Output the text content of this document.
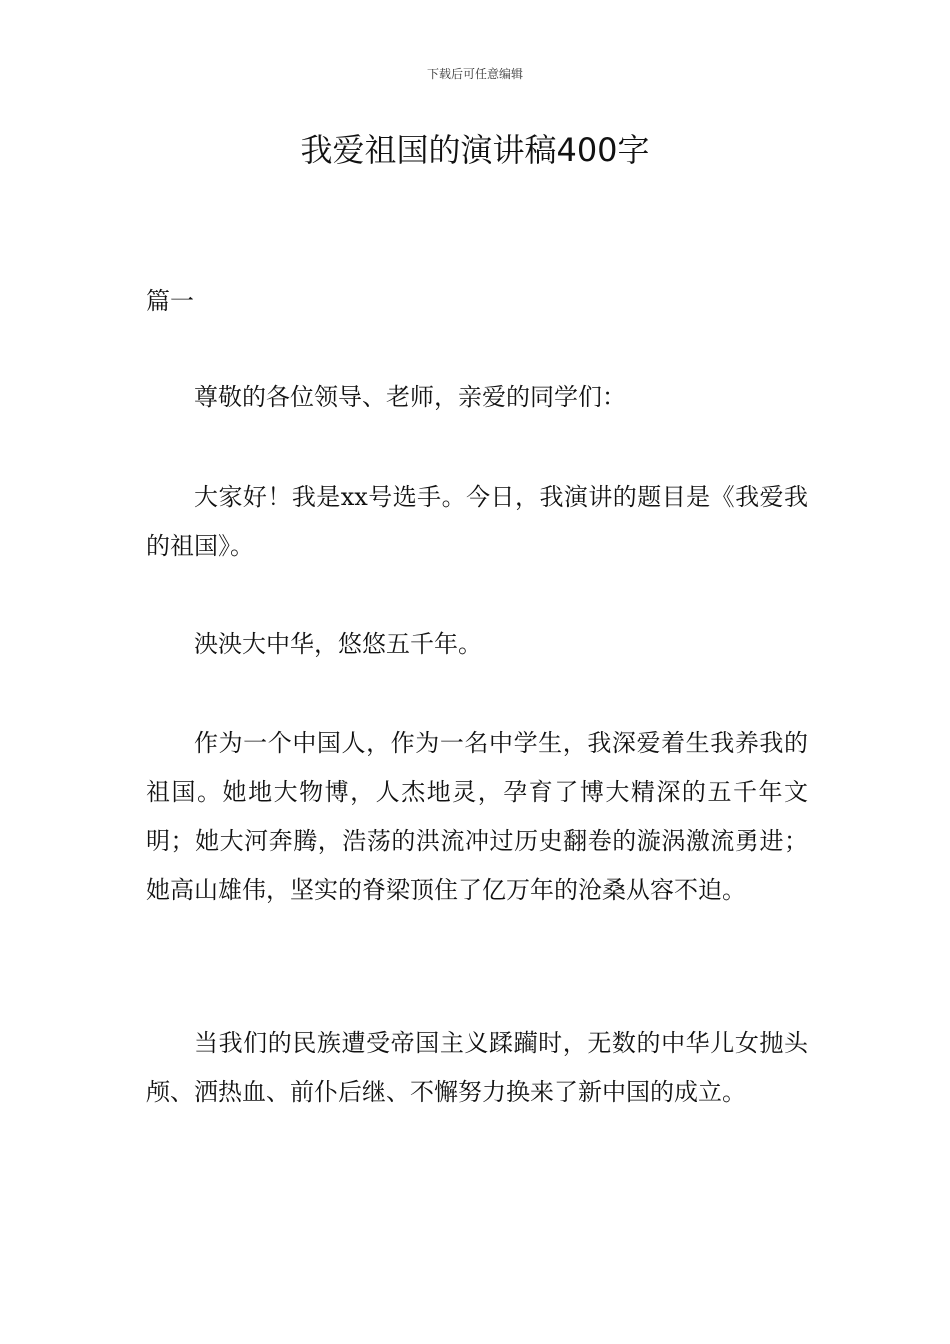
下载后可任意编辑
我爱祖国的演讲稿400字

篇一

尊敬的各位领导、老师，亲爱的同学们：

大家好！我是xx号选手。今日，我演讲的题目是《我爱我的祖国》。

泱泱大中华，悠悠五千年。

作为一个中国人，作为一名中学生，我深爱着生我养我的祖国。她地大物博，人杰地灵，孕育了博大精深的五千年文明；她大河奔腾，浩荡的洪流冲过历史翻卷的漩涡激流勇进；她高山雄伟，坚实的脊梁顶住了亿万年的沧桑从容不迫。

当我们的民族遭受帝国主义蹂躏时，无数的中华儿女抛头颅、洒热血、前仆后继、不懈努力换来了新中国的成立。
